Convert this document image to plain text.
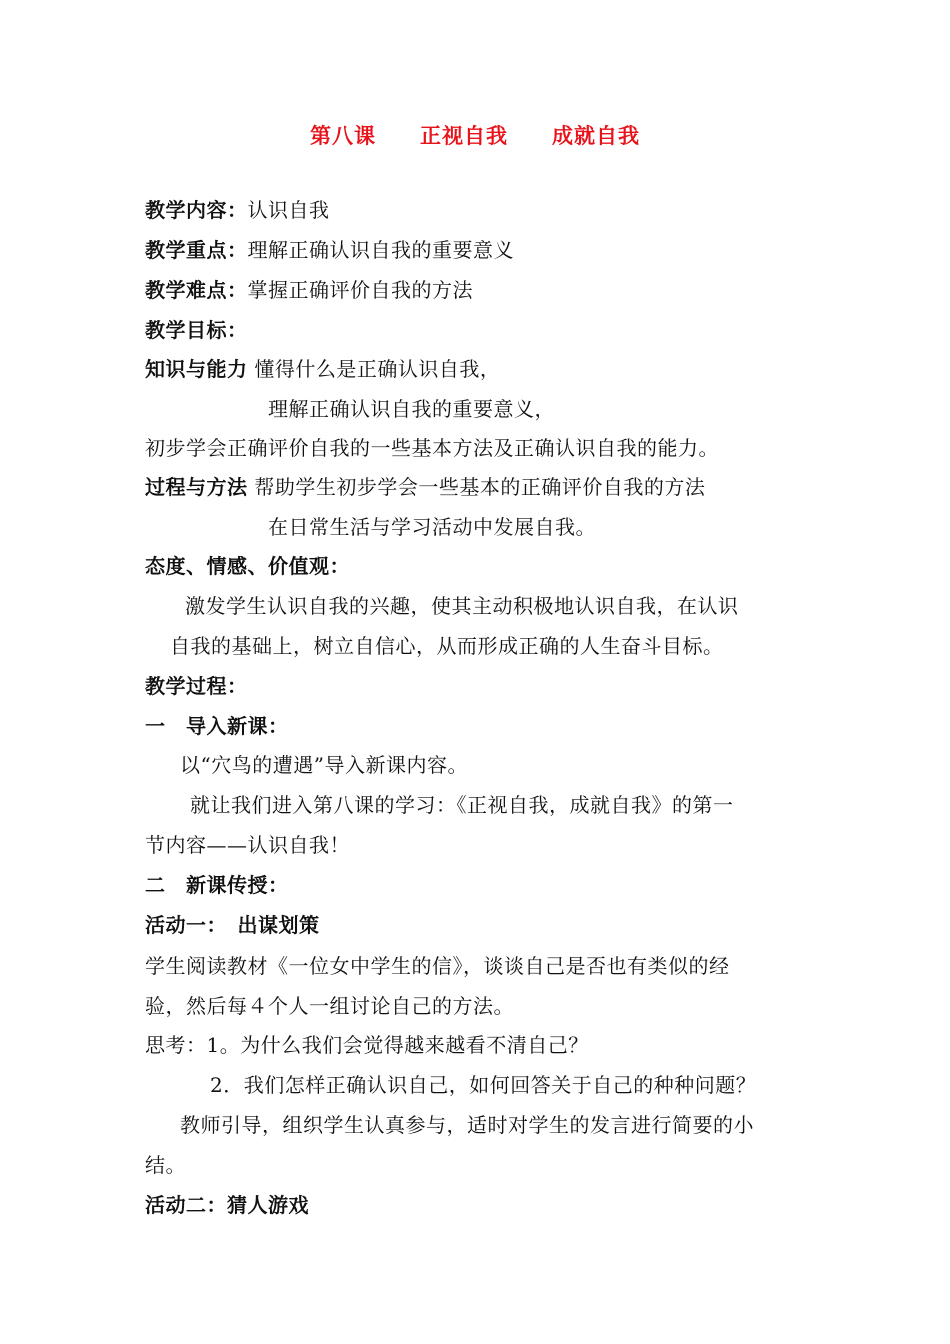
第八课　　正视自我　　成就自我
教学内容：认识自我
教学重点：理解正确认识自我的重要意义
教学难点：掌握正确评价自我的方法
教学目标：
知识与能力 懂得什么是正确认识自我，
理解正确认识自我的重要意义，
初步学会正确评价自我的一些基本方法及正确认识自我的能力。
过程与方法 帮助学生初步学会一些基本的正确评价自我的方法
在日常生活与学习活动中发展自我。
态度、情感、价值观：
激发学生认识自我的兴趣，使其主动积极地认识自我，在认识
自我的基础上，树立自信心，从而形成正确的人生奋斗目标。
教学过程：
一　导入新课：
以“穴鸟的遭遇”导入新课内容。
就让我们进入第八课的学习：《正视自我，成就自我》的第一
节内容——认识自我！
二　新课传授：
活动一：　出谋划策
学生阅读教材《一位女中学生的信》，谈谈自己是否也有类似的经
验，然后每４个人一组讨论自己的方法。
思考：1。为什么我们会觉得越来越看不清自己？
2．我们怎样正确认识自己，如何回答关于自己的种种问题？
教师引导，组织学生认真参与，适时对学生的发言进行简要的小
结。
活动二：猜人游戏
